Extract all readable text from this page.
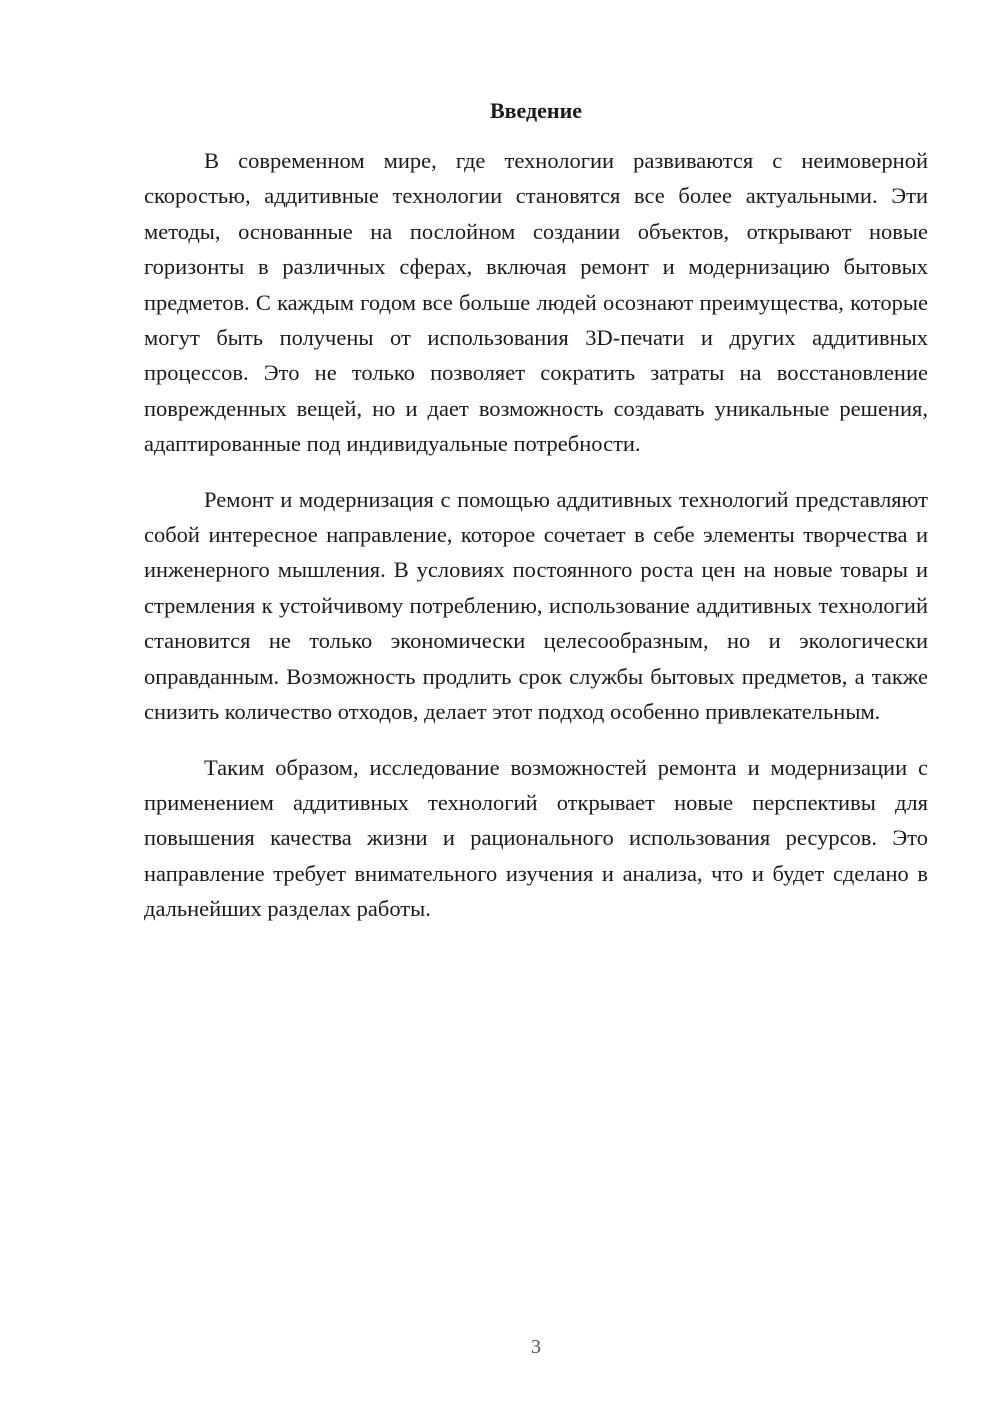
Введение

В современном мире, где технологии развиваются с неимоверной скоростью, аддитивные технологии становятся все более актуальными. Эти методы, основанные на послойном создании объектов, открывают новые горизонты в различных сферах, включая ремонт и модернизацию бытовых предметов. С каждым годом все больше людей осознают преимущества, которые могут быть получены от использования 3D-печати и других аддитивных процессов. Это не только позволяет сократить затраты на восстановление поврежденных вещей, но и дает возможность создавать уникальные решения, адаптированные под индивидуальные потребности.

Ремонт и модернизация с помощью аддитивных технологий представляют собой интересное направление, которое сочетает в себе элементы творчества и инженерного мышления. В условиях постоянного роста цен на новые товары и стремления к устойчивому потреблению, использование аддитивных технологий становится не только экономически целесообразным, но и экологически оправданным. Возможность продлить срок службы бытовых предметов, а также снизить количество отходов, делает этот подход особенно привлекательным.

Таким образом, исследование возможностей ремонта и модернизации с применением аддитивных технологий открывает новые перспективы для повышения качества жизни и рационального использования ресурсов. Это направление требует внимательного изучения и анализа, что и будет сделано в дальнейших разделах работы.

3
